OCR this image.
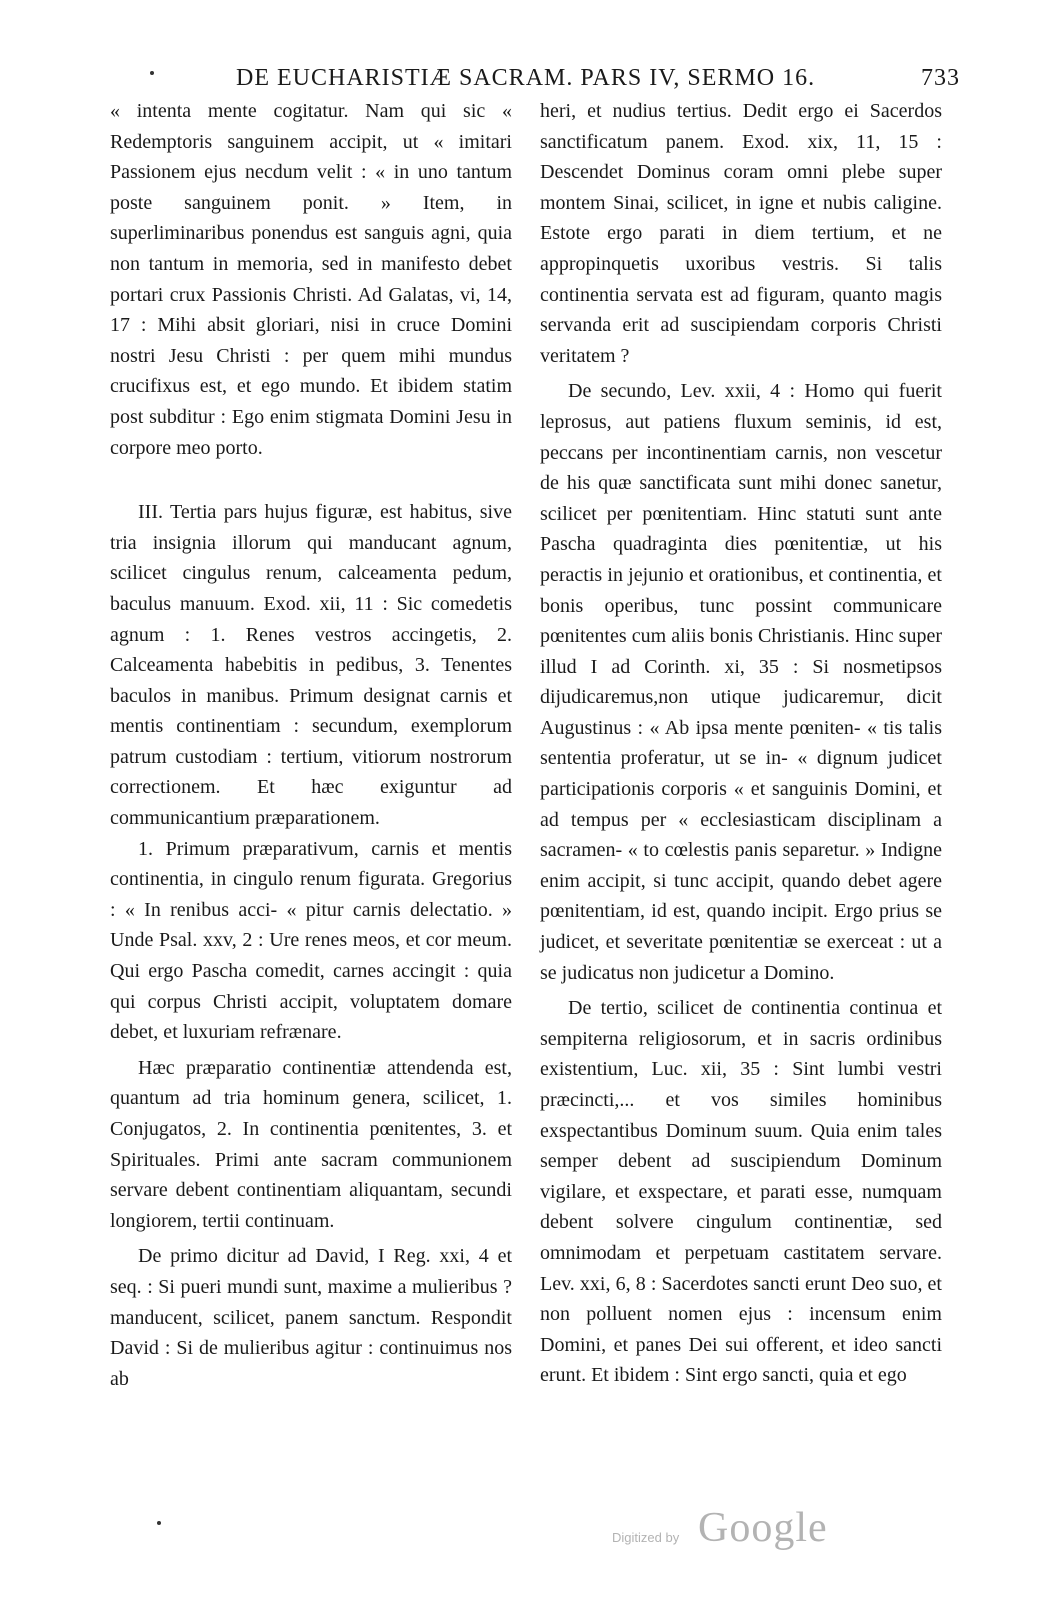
DE EUCHARISTIÆ SACRAM. PARS IV, SERMO 16.	733

« intenta mente cogitatur. Nam qui sic « Redemptoris sanguinem accipit, ut « imitari Passionem ejus necdum velit : « in uno tantum poste sanguinem ponit. » Item, in superliminaribus ponendus est sanguis agni, quia non tantum in memoria, sed in manifesto debet portari crux Passionis Christi. Ad Galatas, vi, 14, 17 : Mihi absit gloriari, nisi in cruce Domini nostri Jesu Christi : per quem mihi mundus crucifixus est, et ego mundo. Et ibidem statim post subditur : Ego enim stigmata Domini Jesu in corpore meo porto.

III. Tertia pars hujus figuræ, est habitus, sive tria insignia illorum qui manducant agnum, scilicet cingulus renum, calceamenta pedum, baculus manuum. Exod. xii, 11 : Sic comedetis agnum : 1. Renes vestros accingetis, 2. Calceamenta habebitis in pedibus, 3. Tenentes baculos in manibus. Primum designat carnis et mentis continentiam : secundum, exemplorum patrum custodiam : tertium, vitiorum nostrorum correctionem. Et hæc exiguntur ad communicantium præparationem.

1. Primum præparativum, carnis et mentis continentia, in cingulo renum figurata. Gregorius : « In renibus acci- « pitur carnis delectatio. » Unde Psal. xxv, 2 : Ure renes meos, et cor meum. Qui ergo Pascha comedit, carnes accingit : quia qui corpus Christi accipit, voluptatem domare debet, et luxuriam refrænare.

Hæc præparatio continentiæ attendenda est, quantum ad tria hominum genera, scilicet, 1. Conjugatos, 2. In continentia pœnitentes, 3. et Spirituales. Primi ante sacram communionem servare debent continentiam aliquantam, secundi longiorem, tertii continuam.

De primo dicitur ad David, I Reg. xxi, 4 et seq. : Si pueri mundi sunt, maxime a mulieribus ? manducent, scilicet, panem sanctum. Respondit David : Si de mulieribus agitur : continuimus nos ab

heri, et nudius tertius. Dedit ergo ei Sacerdos sanctificatum panem. Exod. xix, 11, 15 : Descendet Dominus coram omni plebe super montem Sinai, scilicet, in igne et nubis caligine. Estote ergo parati in diem tertium, et ne appropinquetis uxoribus vestris. Si talis continentia servata est ad figuram, quanto magis servanda erit ad suscipiendam corporis Christi veritatem ?

De secundo, Lev. xxii, 4 : Homo qui fuerit leprosus, aut patiens fluxum seminis, id est, peccans per incontinentiam carnis, non vescetur de his quæ sanctificata sunt mihi donec sanetur, scilicet per pœnitentiam. Hinc statuti sunt ante Pascha quadraginta dies pœnitentiæ, ut his peractis in jejunio et orationibus, et continentia, et bonis operibus, tunc possint communicare pœnitentes cum aliis bonis Christianis. Hinc super illud I ad Corinth. xi, 35 : Si nosmetipsos dijudicaremus,non utique judicaremur, dicit Augustinus : « Ab ipsa mente pœniten- « tis talis sententia proferatur, ut se in- « dignum judicet participationis corporis « et sanguinis Domini, et ad tempus per « ecclesiasticam disciplinam a sacramen- « to cœlestis panis separetur. » Indigne enim accipit, si tunc accipit, quando debet agere pœnitentiam, id est, quando incipit. Ergo prius se judicet, et severitate pœnitentiæ se exerceat : ut a se judicatus non judicetur a Domino.

De tertio, scilicet de continentia continua et sempiterna religiosorum, et in sacris ordinibus existentium, Luc. xii, 35 : Sint lumbi vestri præcincti,... et vos similes hominibus exspectantibus Dominum suum. Quia enim tales semper debent ad suscipiendum Dominum vigilare, et exspectare, et parati esse, numquam debent solvere cingulum continentiæ, sed omnimodam et perpetuam castitatem servare. Lev. xxi, 6, 8 : Sacerdotes sancti erunt Deo suo, et non polluent nomen ejus : incensum enim Domini, et panes Dei sui offerent, et ideo sancti erunt. Et ibidem : Sint ergo sancti, quia et ego

Digitized by Google
